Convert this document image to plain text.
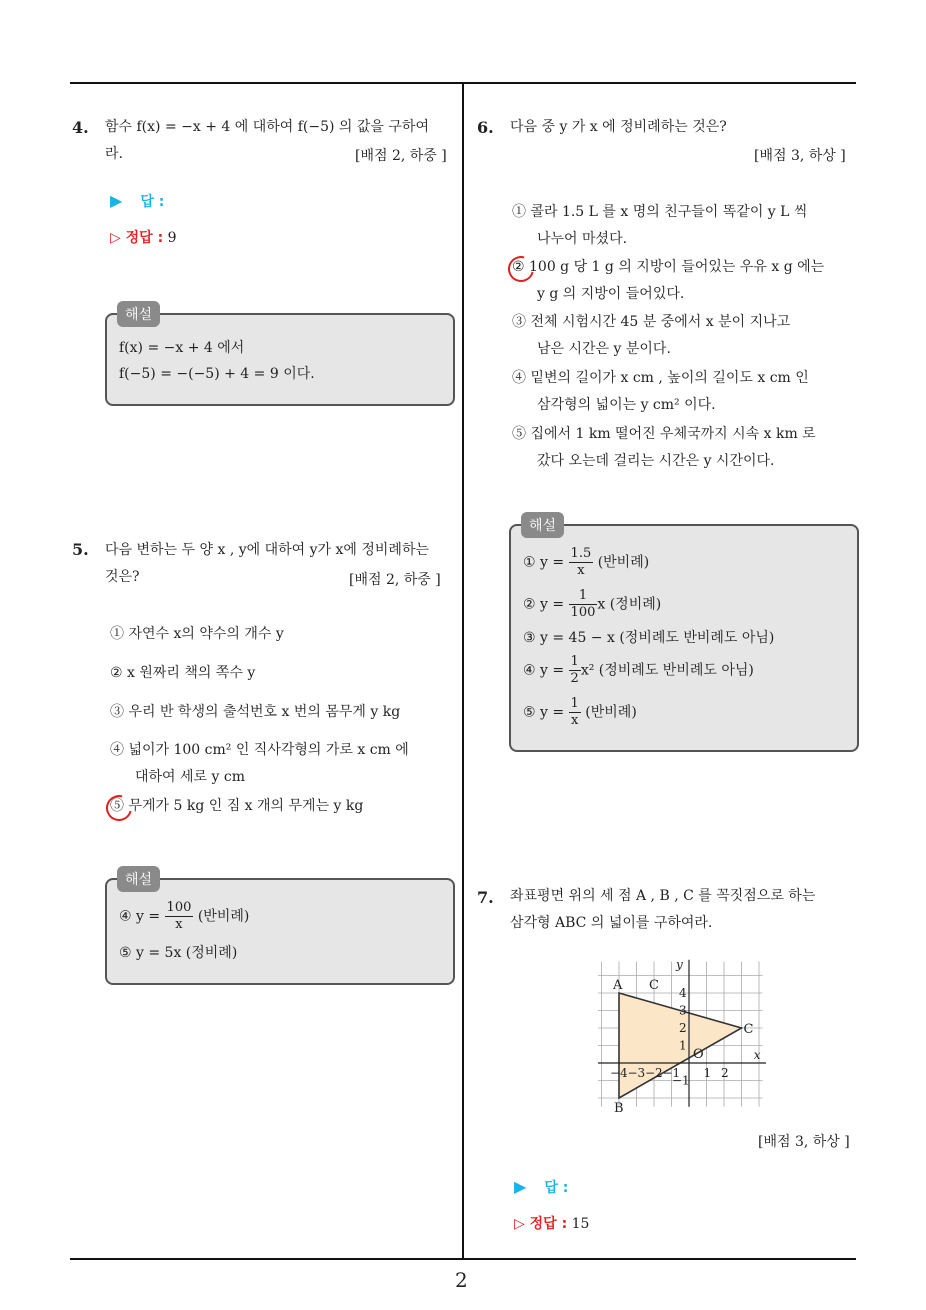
4. 함수 f(x) = −x + 4 에 대하여 f(−5) 의 값을 구하여
라.	[배점 2, 하중 ]
▶ 답 :
▷ 정답 : 9
해설
f(x) = −x + 4 에서
f(−5) = −(−5) + 4 = 9 이다.
5. 다음 변하는 두 양 x , y에 대하여 y가 x에 정비례하는
것은?	[배점 2, 하중 ]
① 자연수 x의 약수의 개수 y
② x 원짜리 책의 쪽수 y
③ 우리 반 학생의 출석번호 x 번의 몸무게 y kg
④ 넓이가 100 cm² 인 직사각형의 가로 x cm 에
대하여 세로 y cm
⑤ 무게가 5 kg 인 짐 x 개의 무게는 y kg
해설
④ $y = \frac{100}{x}$ (반비례)
⑤ y = 5x (정비례)
6. 다음 중 y 가 x 에 정비례하는 것은?
[배점 3, 하상 ]
① 콜라 1.5 L 를 x 명의 친구들이 똑같이 y L 씩
나누어 마셨다.
② 100 g 당 1 g 의 지방이 들어있는 우유 x g 에는
y g 의 지방이 들어있다.
③ 전체 시험시간 45 분 중에서 x 분이 지나고
남은 시간은 y 분이다.
④ 밑변의 길이가 x cm , 높이의 길이도 x cm 인
삼각형의 넓이는 y cm² 이다.
⑤ 집에서 1 km 떨어진 우체국까지 시속 x km 로
갔다 오는데 걸리는 시간은 y 시간이다.
해설
① $y = \frac{1.5}{x}$ (반비례)
② $y = \frac{1}{100}$ x (정비례)
③ y = 45 − x (정비례도 반비례도 아님)
④ $y = \frac{1}{2} x^2$ (정비례도 반비례도 아님)
⑤ $y = \frac{1}{x}$ (반비례)
7. 좌표평면 위의 세 점 A , B , C 를 꼭짓점으로 하는
삼각형 ABC 의 넓이를 구하여라.
A
B
C
C
O	x
y
−4 −3 −2 −1 1 2
4
3
2
1
−1
[배점 3, 하상 ]
▶ 답 :
▷ 정답 : 15
2
